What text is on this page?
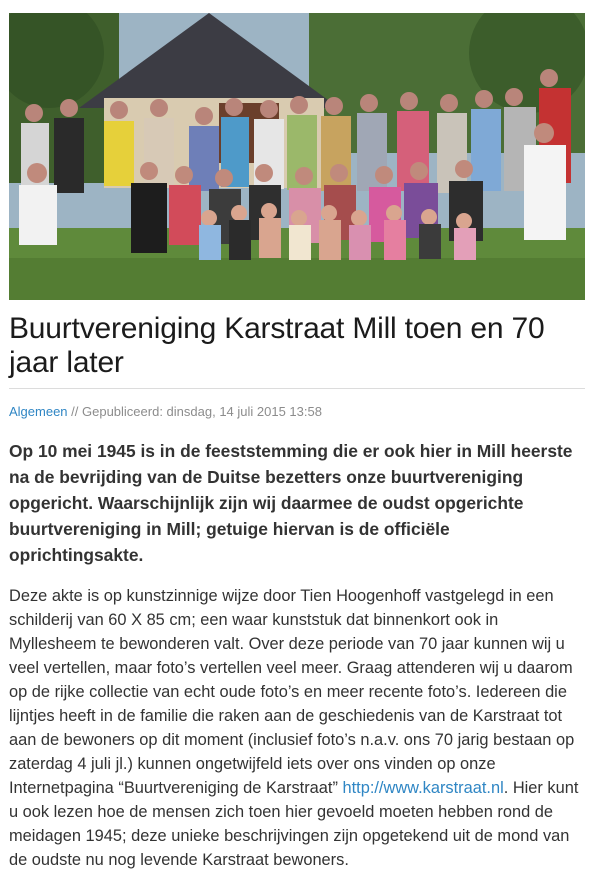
Buurtvereniging Karstraat Mill toen en 70 jaar later
Algemeen // Gepubliceerd: dinsdag, 14 juli 2015 13:58

Op 10 mei 1945 is in de feeststemming die er ook hier in Mill heerste na de bevrijding van de Duitse bezetters onze buurtvereniging opgericht. Waarschijnlijk zijn wij daarmee de oudst opgerichte buurtvereniging in Mill; getuige hiervan is de officiële oprichtingsakte.

Deze akte is op kunstzinnige wijze door Tien Hoogenhoff vastgelegd in een schilderij van 60 X 85 cm; een waar kunststuk dat binnenkort ook in Myllesheem te bewonderen valt. Over deze periode van 70 jaar kunnen wij u veel vertellen, maar foto’s vertellen veel meer. Graag attenderen wij u daarom op de rijke collectie van echt oude foto’s en meer recente foto’s. Iedereen die lijntjes heeft in de familie die raken aan de geschiedenis van de Karstraat tot aan de bewoners op dit moment (inclusief foto’s n.a.v. ons 70 jarig bestaan op zaterdag 4 juli jl.) kunnen ongetwijfeld iets over ons vinden op onze Internetpagina “Buurtvereniging de Karstraat” http://www.karstraat.nl. Hier kunt u ook lezen hoe de mensen zich toen hier gevoeld moeten hebben rond de meidagen 1945; deze unieke beschrijvingen zijn opgetekend uit de mond van de oudste nu nog levende Karstraat bewoners.
